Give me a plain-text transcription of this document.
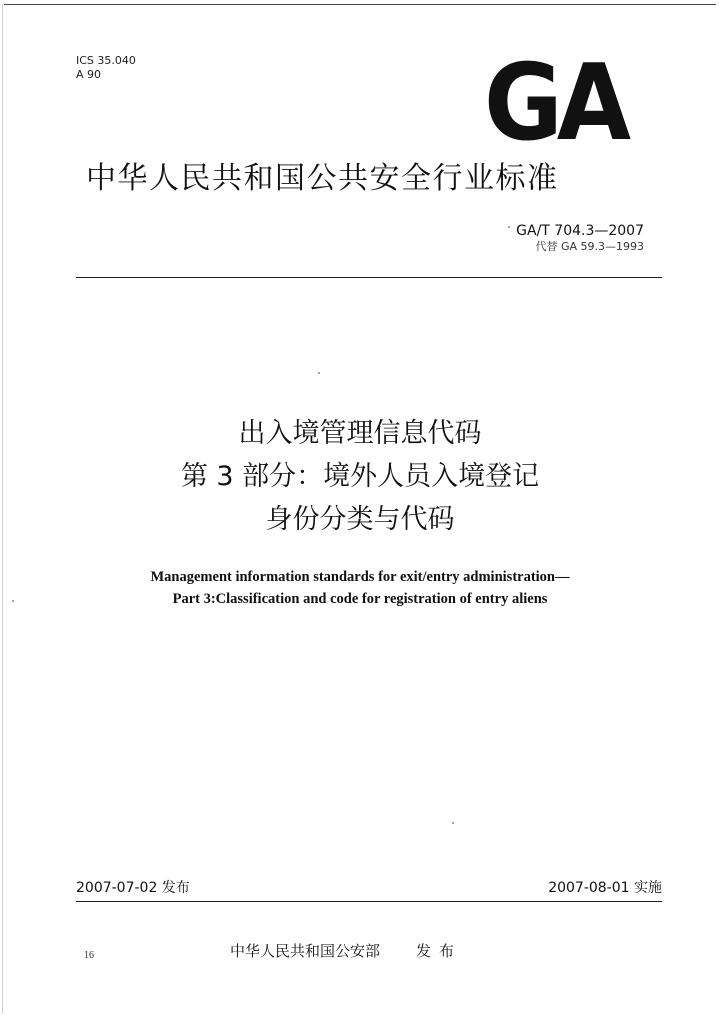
ICS 35.040
A 90	GA
中华人民共和国公共安全行业标准
GA/T 704.3—2007
代替 GA 59.3—1993
出入境管理信息代码
第 3 部分：境外人员入境登记
身份分类与代码
Management information standards for exit/entry administration—
Part 3:Classification and code for registration of entry aliens
2007-07-02 发布	2007-08-01 实施
16	中华人民共和国公安部 发布
